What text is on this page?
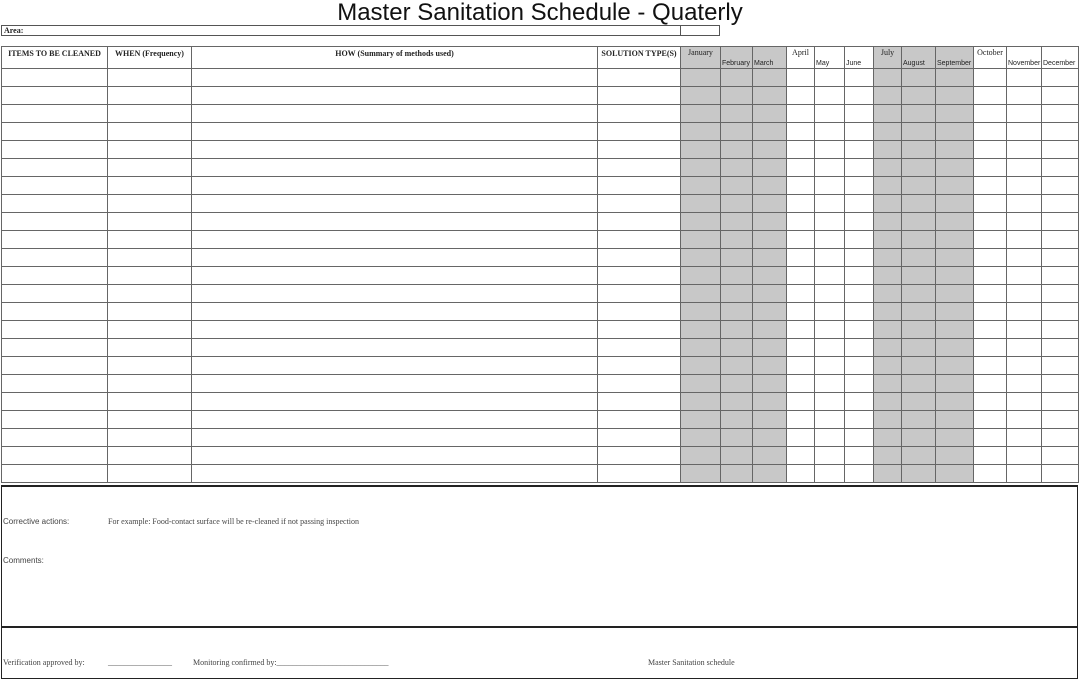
Master Sanitation Schedule - Quaterly
Area:
ITEMS TO BE CLEANED	WHEN (Frequency)	HOW (Summary of methods used)	SOLUTION TYPE(S)	January	February	March	April	May	June	July	August	September	October	November	December

Corrective actions:	For example: Food-contact surface will be re-cleaned if not passing inspection
Comments:
Verification approved by:	________________	Monitoring confirmed by:____________________________	Master Sanitation schedule
